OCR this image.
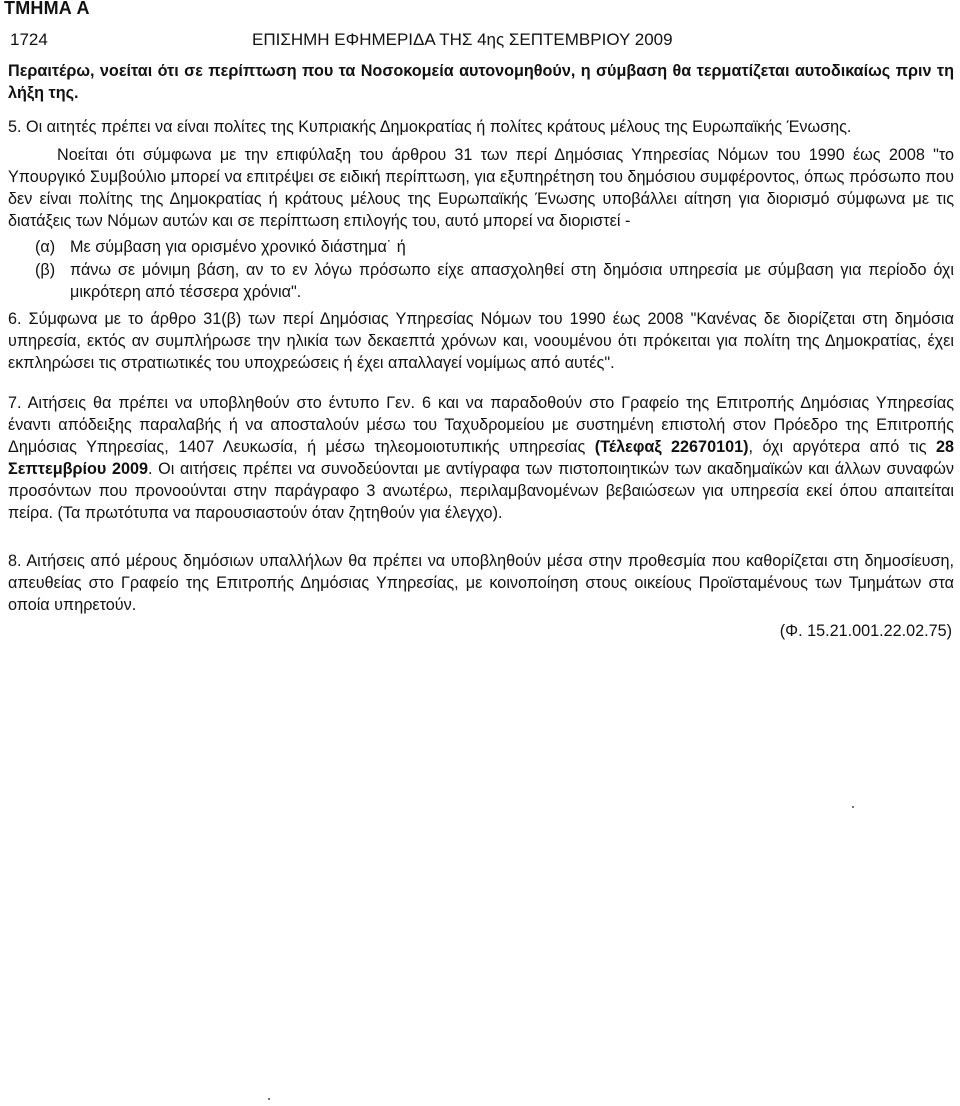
ΤΜΗΜΑ Α
1724	ΕΠΙΣΗΜΗ ΕΦΗΜΕΡΙΔΑ ΤΗΣ 4ης ΣΕΠΤΕΜΒΡΙΟΥ 2009

Περαιτέρω, νοείται ότι σε περίπτωση που τα Νοσοκομεία αυτονομηθούν, η σύμβαση θα τερματίζεται αυτοδικαίως πριν τη λήξη της.

5. Οι αιτητές πρέπει να είναι πολίτες της Κυπριακής Δημοκρατίας ή πολίτες κράτους μέλους της Ευρωπαϊκής Ένωσης.

Νοείται ότι σύμφωνα με την επιφύλαξη του άρθρου 31 των περί Δημόσιας Υπηρεσίας Νόμων του 1990 έως 2008 "το Υπουργικό Συμβούλιο μπορεί να επιτρέψει σε ειδική περίπτωση, για εξυπηρέτηση του δημόσιου συμφέροντος, όπως πρόσωπο που δεν είναι πολίτης της Δημοκρατίας ή κράτους μέλους της Ευρωπαϊκής Ένωσης υποβάλλει αίτηση για διορισμό σύμφωνα με τις διατάξεις των Νόμων αυτών και σε περίπτωση επιλογής του, αυτό μπορεί να διοριστεί -

(α) Με σύμβαση για ορισμένο χρονικό διάστημα˙ ή
(β) πάνω σε μόνιμη βάση, αν το εν λόγω πρόσωπο είχε απασχοληθεί στη δημόσια υπηρεσία με σύμβαση για περίοδο όχι μικρότερη από τέσσερα χρόνια".

6. Σύμφωνα με το άρθρο 31(β) των περί Δημόσιας Υπηρεσίας Νόμων του 1990 έως 2008 "Κανένας δε διορίζεται στη δημόσια υπηρεσία, εκτός αν συμπλήρωσε την ηλικία των δεκαεπτά χρόνων και, νοουμένου ότι πρόκειται για πολίτη της Δημοκρατίας, έχει εκπληρώσει τις στρατιωτικές του υποχρεώσεις ή έχει απαλλαγεί νομίμως από αυτές".

7. Αιτήσεις θα πρέπει να υποβληθούν στο έντυπο Γεν. 6 και να παραδοθούν στο Γραφείο της Επιτροπής Δημόσιας Υπηρεσίας έναντι απόδειξης παραλαβής ή να αποσταλούν μέσω του Ταχυδρομείου με συστημένη επιστολή στον Πρόεδρο της Επιτροπής Δημόσιας Υπηρεσίας, 1407 Λευκωσία, ή μέσω τηλεομοιοτυπικής υπηρεσίας (Τέλεφαξ 22670101), όχι αργότερα από τις 28 Σεπτεμβρίου 2009. Οι αιτήσεις πρέπει να συνοδεύονται με αντίγραφα των πιστοποιητικών των ακαδημαϊκών και άλλων συναφών προσόντων που προνοούνται στην παράγραφο 3 ανωτέρω, περιλαμβανομένων βεβαιώσεων για υπηρεσία εκεί όπου απαιτείται πείρα. (Τα πρωτότυπα να παρουσιαστούν όταν ζητηθούν για έλεγχο).

8. Αιτήσεις από μέρους δημόσιων υπαλλήλων θα πρέπει να υποβληθούν μέσα στην προθεσμία που καθορίζεται στη δημοσίευση, απευθείας στο Γραφείο της Επιτροπής Δημόσιας Υπηρεσίας, με κοινοποίηση στους οικείους Προϊσταμένους των Τμημάτων στα οποία υπηρετούν.

(Φ. 15.21.001.22.02.75)
